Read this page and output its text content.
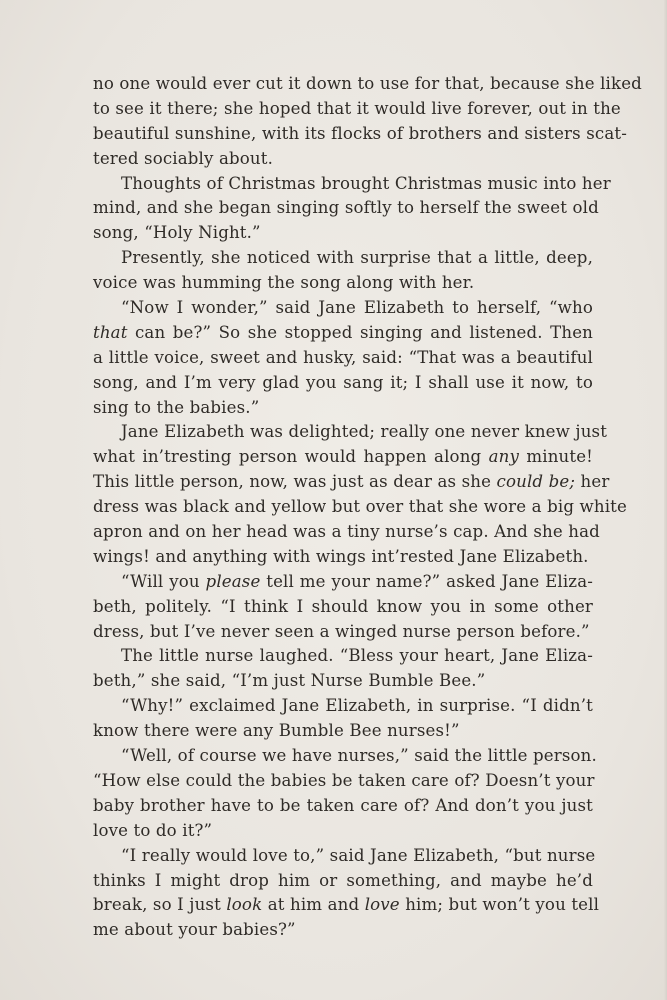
no one would ever cut it down to use for that, because she liked
to see it there; she hoped that it would live forever, out in the
beautiful sunshine, with its flocks of brothers and sisters scat-
tered sociably about.
Thoughts of Christmas brought Christmas music into her
mind, and she began singing softly to herself the sweet old
song, “Holy Night.”
Presently, she noticed with surprise that a little, deep,
voice was humming the song along with her.
“Now I wonder,” said Jane Elizabeth to herself, “who
that can be?” So she stopped singing and listened. Then
a little voice, sweet and husky, said: “That was a beautiful
song, and I’m very glad you sang it; I shall use it now, to
sing to the babies.”
Jane Elizabeth was delighted; really one never knew just
what in’tresting person would happen along any minute!
This little person, now, was just as dear as she could be; her
dress was black and yellow but over that she wore a big white
apron and on her head was a tiny nurse’s cap. And she had
wings! and anything with wings int’rested Jane Elizabeth.
“Will you please tell me your name?” asked Jane Eliza-
beth, politely. “I think I should know you in some other
dress, but I’ve never seen a winged nurse person before.”
The little nurse laughed. “Bless your heart, Jane Eliza-
beth,” she said, “I’m just Nurse Bumble Bee.”
“Why!” exclaimed Jane Elizabeth, in surprise. “I didn’t
know there were any Bumble Bee nurses!”
“Well, of course we have nurses,” said the little person.
“How else could the babies be taken care of? Doesn’t your
baby brother have to be taken care of? And don’t you just
love to do it?”
“I really would love to,” said Jane Elizabeth, “but nurse
thinks I might drop him or something, and maybe he’d
break, so I just look at him and love him; but won’t you tell
me about your babies?”
